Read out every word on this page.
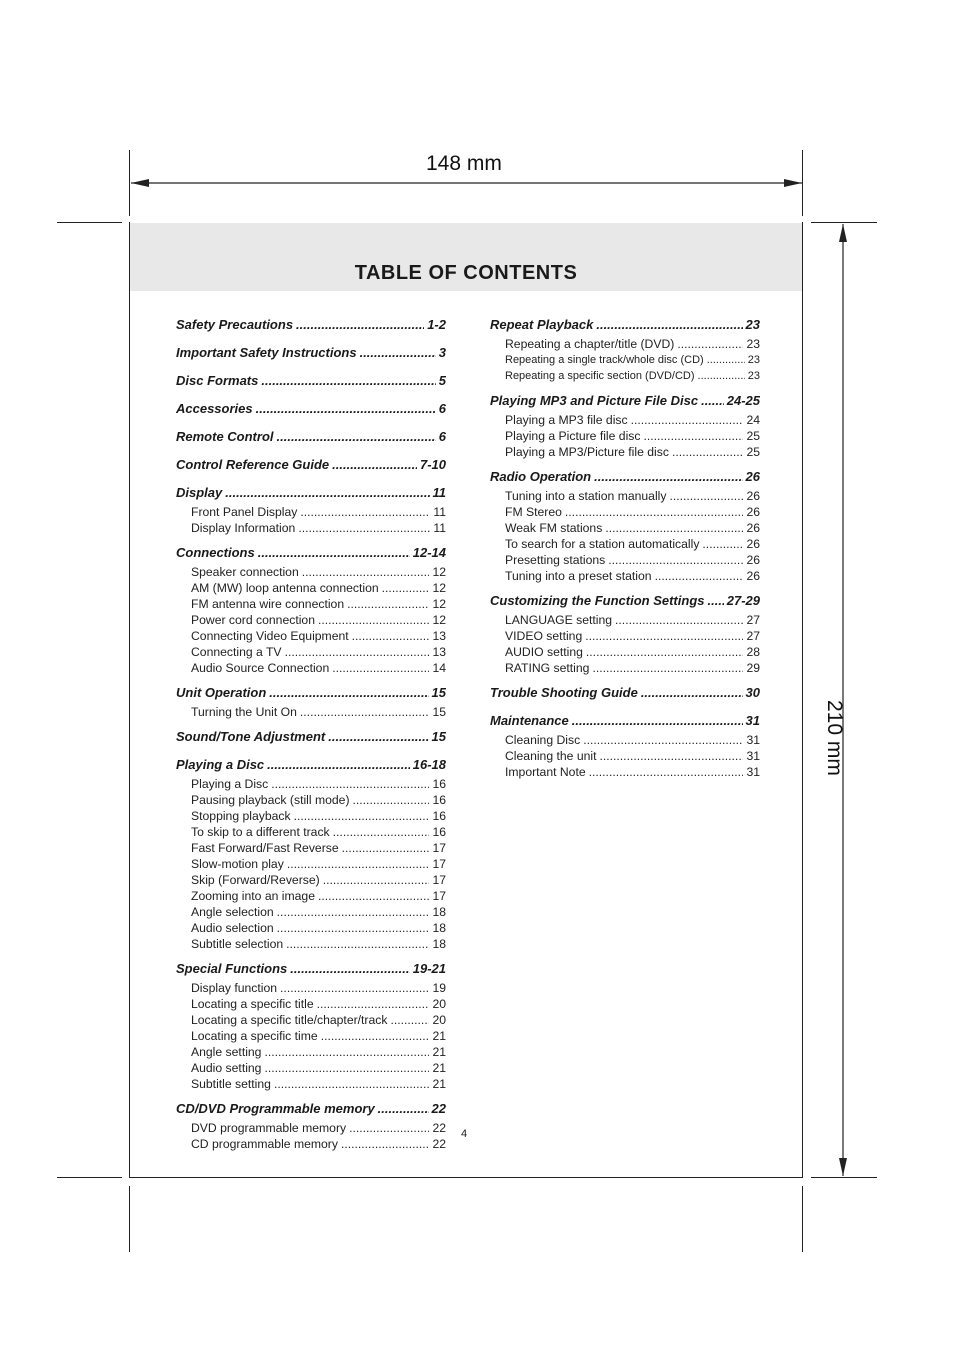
148 mm
210 mm
TABLE OF CONTENTS
Safety Precautions .....	1-2
Important Safety Instructions .....	3
Disc Formats .....	5
Accessories .....	6
Remote Control .....	6
Control Reference Guide .....	7-10
Display .....	11
Front Panel Display .....	11
Display Information .....	11
Connections .....	12-14
Speaker connection .....	12
AM (MW) loop antenna connection .....	12
FM antenna wire connection .....	12
Power cord connection .....	12
Connecting Video Equipment .....	13
Connecting a TV .....	13
Audio Source Connection .....	14
Unit Operation .....	15
Turning the Unit On .....	15
Sound/Tone Adjustment .....	15
Playing a Disc .....	16-18
Playing a Disc .....	16
Pausing playback (still mode) .....	16
Stopping playback .....	16
To skip to a different track .....	16
Fast Forward/Fast Reverse .....	17
Slow-motion play .....	17
Skip (Forward/Reverse) .....	17
Zooming into an image .....	17
Angle selection .....	18
Audio selection .....	18
Subtitle selection .....	18
Special Functions .....	19-21
Display function .....	19
Locating a specific title .....	20
Locating a specific title/chapter/track .....	20
Locating a specific time .....	21
Angle setting .....	21
Audio setting .....	21
Subtitle setting .....	21
CD/DVD Programmable memory .....	22
DVD programmable memory .....	22
CD programmable memory .....	22
Repeat Playback .....	23
Repeating a chapter/title (DVD) .....	23
Repeating a single track/whole disc (CD) .....	23
Repeating a specific section (DVD/CD) .....	23
Playing MP3 and Picture File Disc ..... 24-25
Playing a MP3 file disc .....	24
Playing a Picture file disc .....	25
Playing a MP3/Picture file disc .....	25
Radio Operation .....	26
Tuning into a station manually .....	26
FM Stereo .....	26
Weak FM stations .....	26
To search for a station automatically .....	26
Presetting stations .....	26
Tuning into a preset station .....	26
Customizing the Function Settings ..... 27-29
LANGUAGE setting .....	27
VIDEO setting .....	27
AUDIO setting .....	28
RATING setting .....	29
Trouble Shooting Guide .....	30
Maintenance .....	31
Cleaning Disc .....	31
Cleaning the unit .....	31
Important Note .....	31
4
